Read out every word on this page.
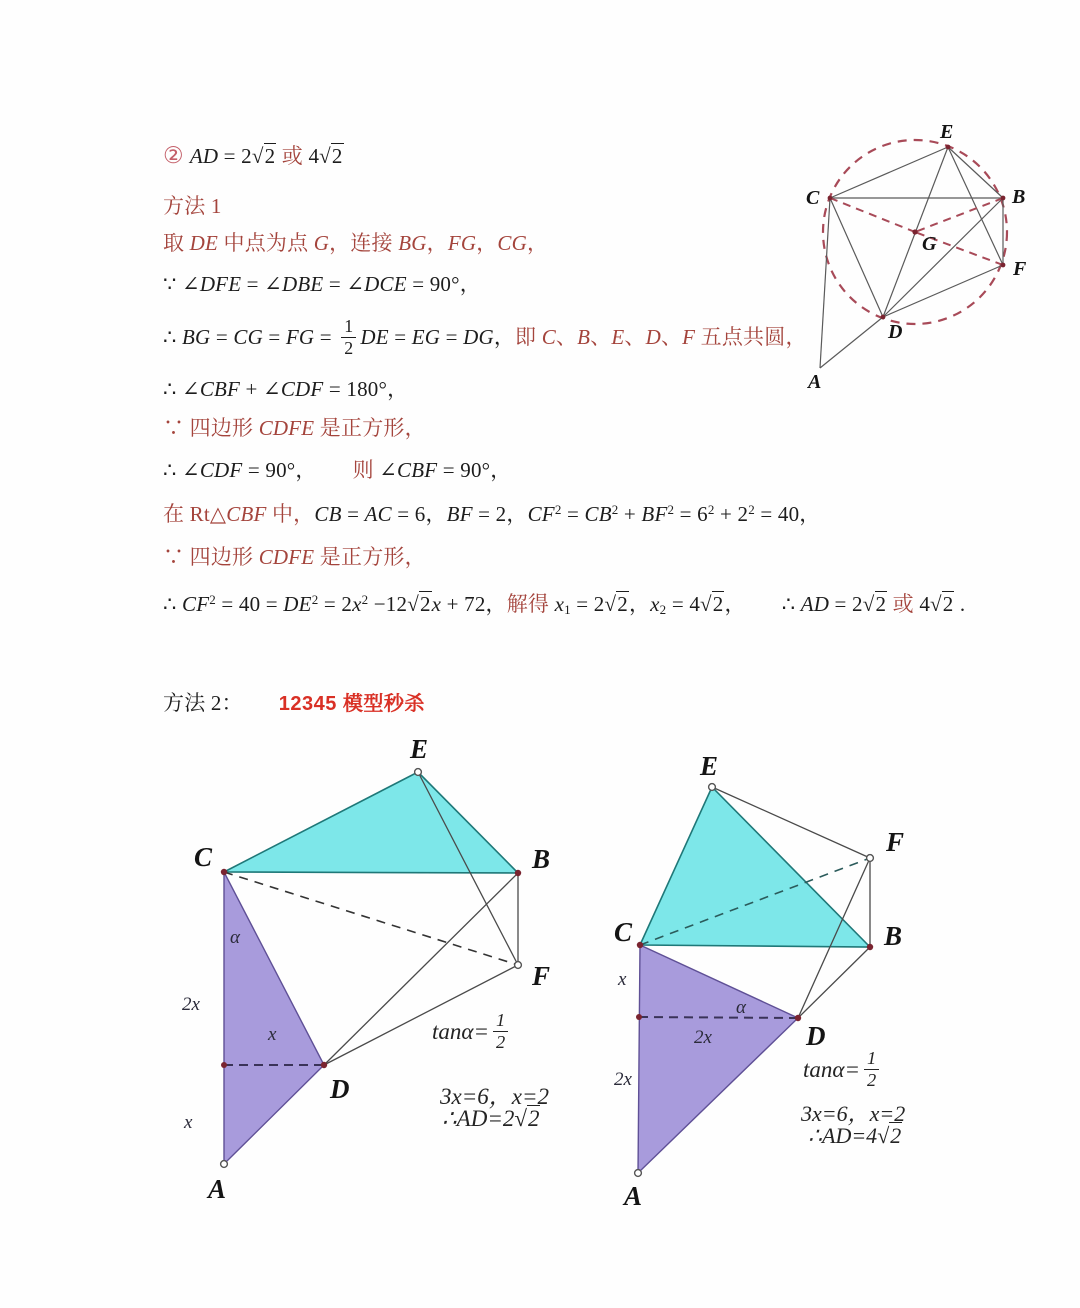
② AD = 2√2 或 4√2
方法 1
取 DE 中点为点 G，连接 BG，FG，CG，
∵ ∠DFE = ∠DBE = ∠DCE = 90°，
∴ BG = CG = FG = $\frac{1}{2}$ DE = EG = DG，即 C、B、E、D、F 五点共圆，
∴ ∠CBF + ∠CDF = 180°，
∵ 四边形 CDFE 是正方形，
∴ ∠CDF = 90°， 则 ∠CBF = 90°，
在 Rt△CBF 中，CB = AC = 6，BF = 2，$CF^2 = CB^2 + BF^2 = 6^2 + 2^2 = 40$，
∵ 四边形 CDFE 是正方形，
∴ $CF^2 = 40 = DE^2 = 2x^2 -12√2x + 72$，解得 x1 = 2√2，x2 = 4√2， ∴ AD = 2√2 或 4√2 .
方法 2： 12345 模型秒杀
E
C	B
G
F
D
A
E
C	B
F
D
A
α
2x
x
x
$\tan\alpha= \frac{1}{2}$
3x=6，x=2
∴AD=2√2
E
F
C	B
D
A
α
x
2x
2x	$\tan\alpha= \frac{1}{2}$
3x=6，x=2
∴AD=4√2
